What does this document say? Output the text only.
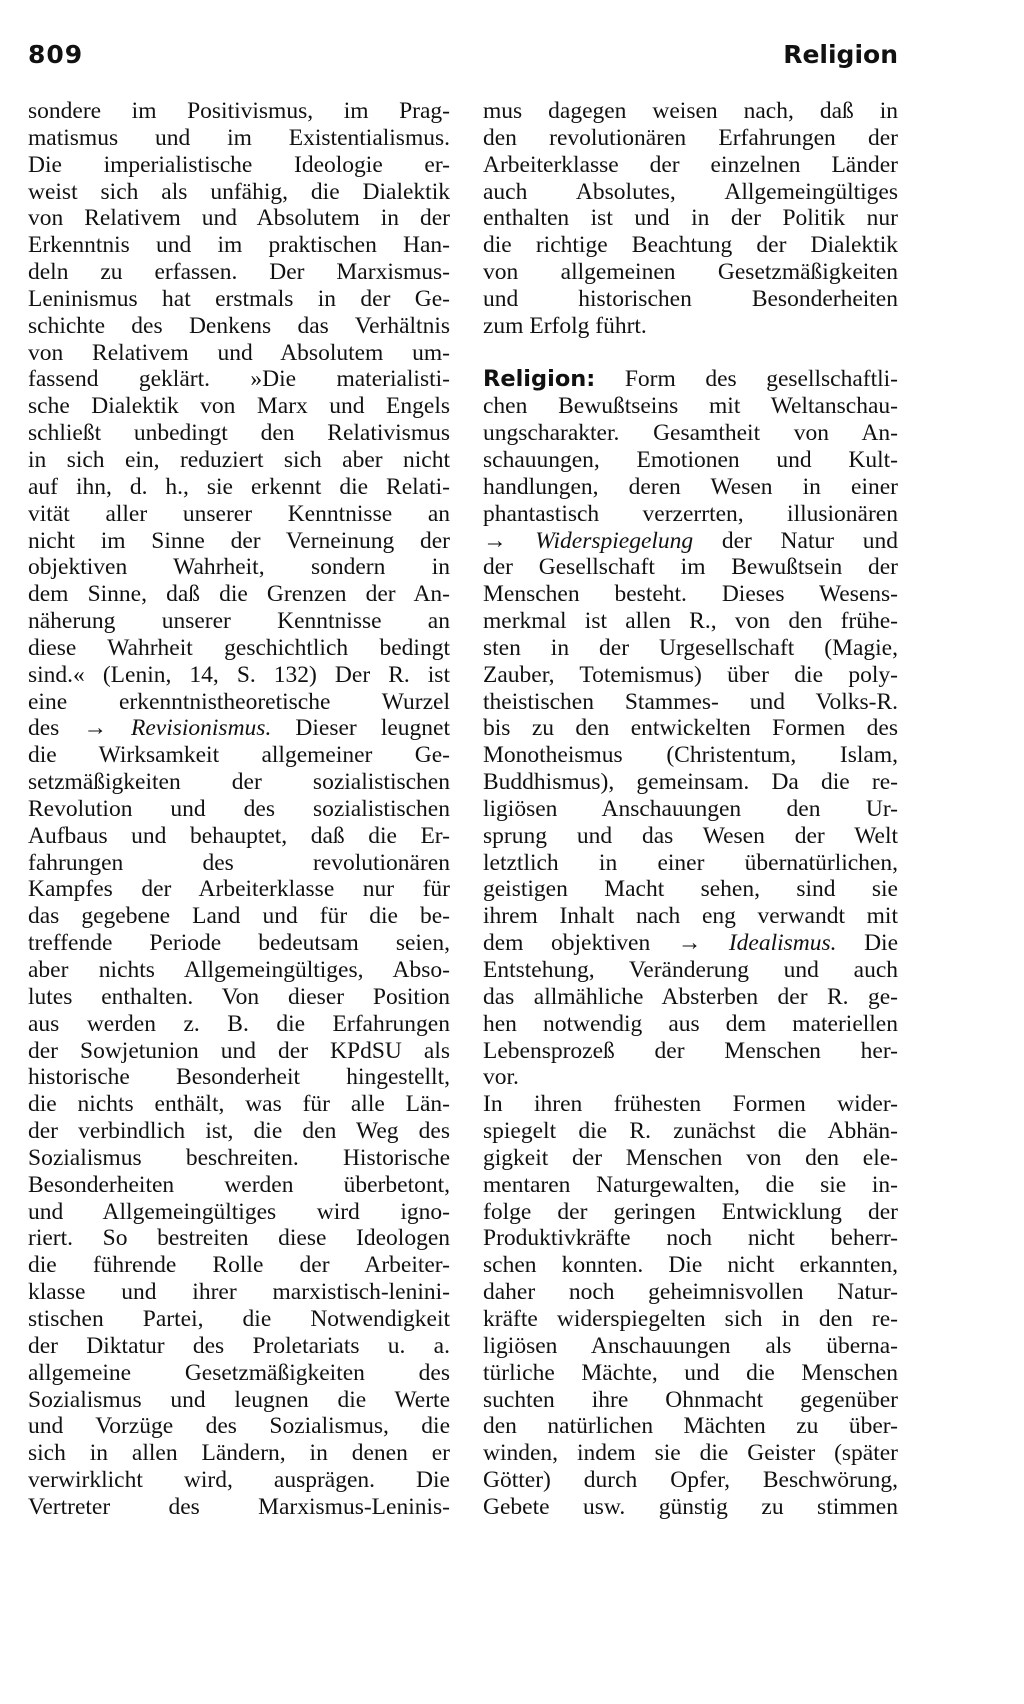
809	Religion
sondere im Positivismus, im Prag-
matismus und im Existentialismus.
Die imperialistische Ideologie er-
weist sich als unfähig, die Dialektik
von Relativem und Absolutem in der
Erkenntnis und im praktischen Han-
deln zu erfassen. Der Marxismus-
Leninismus hat erstmals in der Ge-
schichte des Denkens das Verhältnis
von Relativem und Absolutem um-
fassend geklärt. »Die materialisti-
sche Dialektik von Marx und Engels
schließt unbedingt den Relativismus
in sich ein, reduziert sich aber nicht
auf ihn, d. h., sie erkennt die Relati-
vität aller unserer Kenntnisse an
nicht im Sinne der Verneinung der
objektiven Wahrheit, sondern in
dem Sinne, daß die Grenzen der An-
näherung unserer Kenntnisse an
diese Wahrheit geschichtlich bedingt
sind.« (Lenin, 14, S. 132) Der R. ist
eine erkenntnistheoretische Wurzel
des → Revisionismus. Dieser leugnet
die Wirksamkeit allgemeiner Ge-
setzmäßigkeiten der sozialistischen
Revolution und des sozialistischen
Aufbaus und behauptet, daß die Er-
fahrungen des revolutionären
Kampfes der Arbeiterklasse nur für
das gegebene Land und für die be-
treffende Periode bedeutsam seien,
aber nichts Allgemeingültiges, Abso-
lutes enthalten. Von dieser Position
aus werden z. B. die Erfahrungen
der Sowjetunion und der KPdSU als
historische Besonderheit hingestellt,
die nichts enthält, was für alle Län-
der verbindlich ist, die den Weg des
Sozialismus beschreiten. Historische
Besonderheiten werden überbetont,
und Allgemeingültiges wird igno-
riert. So bestreiten diese Ideologen
die führende Rolle der Arbeiter-
klasse und ihrer marxistisch-lenini-
stischen Partei, die Notwendigkeit
der Diktatur des Proletariats u. a.
allgemeine Gesetzmäßigkeiten des
Sozialismus und leugnen die Werte
und Vorzüge des Sozialismus, die
sich in allen Ländern, in denen er
verwirklicht wird, ausprägen. Die
Vertreter des Marxismus-Leninis-
mus dagegen weisen nach, daß in
den revolutionären Erfahrungen der
Arbeiterklasse der einzelnen Länder
auch Absolutes, Allgemeingültiges
enthalten ist und in der Politik nur
die richtige Beachtung der Dialektik
von allgemeinen Gesetzmäßigkeiten
und historischen Besonderheiten
zum Erfolg führt.
Religion: Form des gesellschaftli-
chen Bewußtseins mit Weltanschau-
ungscharakter. Gesamtheit von An-
schauungen, Emotionen und Kult-
handlungen, deren Wesen in einer
phantastisch verzerrten, illusionären
→ Widerspiegelung der Natur und
der Gesellschaft im Bewußtsein der
Menschen besteht. Dieses Wesens-
merkmal ist allen R., von den frühe-
sten in der Urgesellschaft (Magie,
Zauber, Totemismus) über die poly-
theistischen Stammes- und Volks-R.
bis zu den entwickelten Formen des
Monotheismus (Christentum, Islam,
Buddhismus), gemeinsam. Da die re-
ligiösen Anschauungen den Ur-
sprung und das Wesen der Welt
letztlich in einer übernatürlichen,
geistigen Macht sehen, sind sie
ihrem Inhalt nach eng verwandt mit
dem objektiven → Idealismus. Die
Entstehung, Veränderung und auch
das allmähliche Absterben der R. ge-
hen notwendig aus dem materiellen
Lebensprozeß der Menschen her-
vor.
In ihren frühesten Formen wider-
spiegelt die R. zunächst die Abhän-
gigkeit der Menschen von den ele-
mentaren Naturgewalten, die sie in-
folge der geringen Entwicklung der
Produktivkräfte noch nicht beherr-
schen konnten. Die nicht erkannten,
daher noch geheimnisvollen Natur-
kräfte widerspiegelten sich in den re-
ligiösen Anschauungen als überna-
türliche Mächte, und die Menschen
suchten ihre Ohnmacht gegenüber
den natürlichen Mächten zu über-
winden, indem sie die Geister (später
Götter) durch Opfer, Beschwörung,
Gebete usw. günstig zu stimmen
